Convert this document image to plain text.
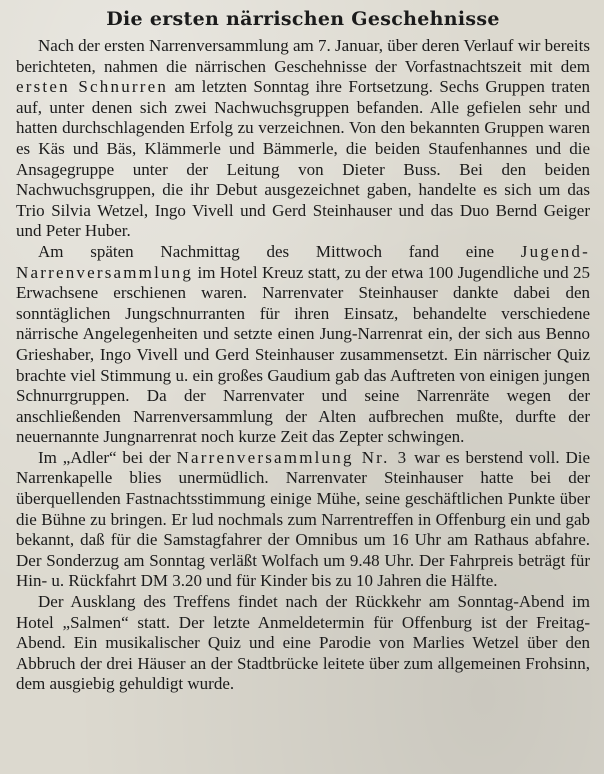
Die ersten närrischen Geschehnisse

Nach der ersten Narrenversammlung am 7. Januar, über deren Verlauf wir bereits berichteten, nahmen die närrischen Geschehnisse der Vorfastnachtszeit mit dem ersten Schnurren am letzten Sonntag ihre Fortsetzung. Sechs Gruppen traten auf, unter denen sich zwei Nachwuchsgruppen befanden. Alle gefielen sehr und hatten durchschlagenden Erfolg zu verzeichnen. Von den bekannten Gruppen waren es Käs und Bäs, Klämmerle und Bämmerle, die beiden Staufenhannes und die Ansagegruppe unter der Leitung von Dieter Buss. Bei den beiden Nachwuchsgruppen, die ihr Debut ausgezeichnet gaben, handelte es sich um das Trio Silvia Wetzel, Ingo Vivell und Gerd Steinhauser und das Duo Bernd Geiger und Peter Huber.

Am späten Nachmittag des Mittwoch fand eine Jugend-Narrenversammlung im Hotel Kreuz statt, zu der etwa 100 Jugendliche und 25 Erwachsene erschienen waren. Narrenvater Steinhauser dankte dabei den sonntäglichen Jungschnurranten für ihren Einsatz, behandelte verschiedene närrische Angelegenheiten und setzte einen Jung-Narrenrat ein, der sich aus Benno Grieshaber, Ingo Vivell und Gerd Steinhauser zusammensetzt. Ein närrischer Quiz brachte viel Stimmung u. ein großes Gaudium gab das Auftreten von einigen jungen Schnurrgruppen. Da der Narrenvater und seine Narrenräte wegen der anschließenden Narrenversammlung der Alten aufbrechen mußte, durfte der neuernannte Jungnarrenrat noch kurze Zeit das Zepter schwingen.

Im „Adler“ bei der Narrenversammlung Nr. 3 war es berstend voll. Die Narrenkapelle blies unermüdlich. Narrenvater Steinhauser hatte bei der überquellenden Fastnachtsstimmung einige Mühe, seine geschäftlichen Punkte über die Bühne zu bringen. Er lud nochmals zum Narrentreffen in Offenburg ein und gab bekannt, daß für die Samstagfahrer der Omnibus um 16 Uhr am Rathaus abfahre. Der Sonderzug am Sonntag verläßt Wolfach um 9.48 Uhr. Der Fahrpreis beträgt für Hin- u. Rückfahrt DM 3.20 und für Kinder bis zu 10 Jahren die Hälfte.

Der Ausklang des Treffens findet nach der Rückkehr am Sonntag-Abend im Hotel „Salmen“ statt. Der letzte Anmeldetermin für Offenburg ist der Freitag-Abend. Ein musikalischer Quiz und eine Parodie von Marlies Wetzel über den Abbruch der drei Häuser an der Stadtbrücke leitete über zum allgemeinen Frohsinn, dem ausgiebig gehuldigt wurde.
